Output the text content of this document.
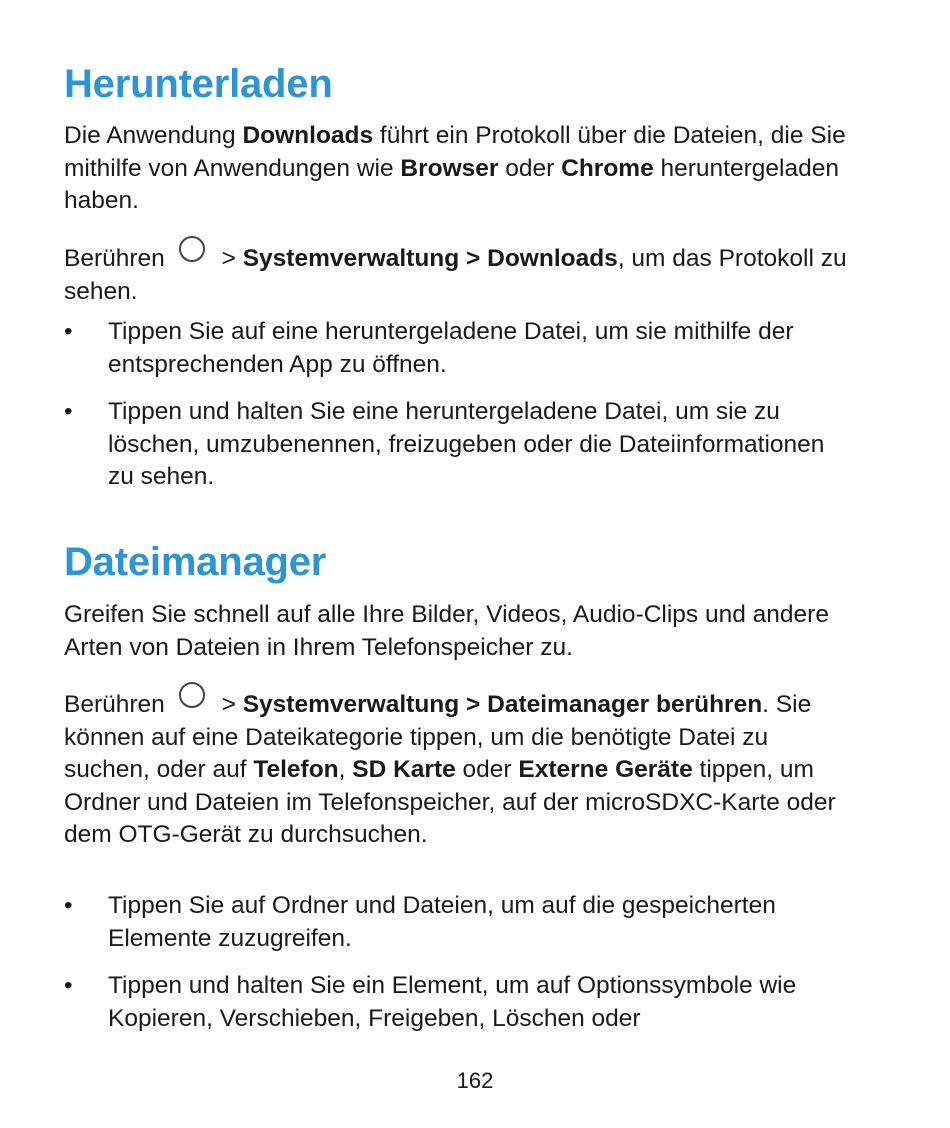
Herunterladen

Die Anwendung Downloads führt ein Protokoll über die Dateien, die Sie mithilfe von Anwendungen wie Browser oder Chrome heruntergeladen haben.

Berühren > Systemverwaltung > Downloads, um das Protokoll zu sehen.

•	Tippen Sie auf eine heruntergeladene Datei, um sie mithilfe der entsprechenden App zu öffnen.
•	Tippen und halten Sie eine heruntergeladene Datei, um sie zu löschen, umzubenennen, freizugeben oder die Dateiinformationen zu sehen.
Dateimanager

Greifen Sie schnell auf alle Ihre Bilder, Videos, Audio-Clips und andere Arten von Dateien in Ihrem Telefonspeicher zu.

Berühren > Systemverwaltung > Dateimanager berühren. Sie können auf eine Dateikategorie tippen, um die benötigte Datei zu suchen, oder auf Telefon, SD Karte oder Externe Geräte tippen, um Ordner und Dateien im Telefonspeicher, auf der microSDXC-Karte oder dem OTG-Gerät zu durchsuchen.

•	Tippen Sie auf Ordner und Dateien, um auf die gespeicherten Elemente zuzugreifen.
•	Tippen und halten Sie ein Element, um auf Optionssymbole wie Kopieren, Verschieben, Freigeben, Löschen oder
162
